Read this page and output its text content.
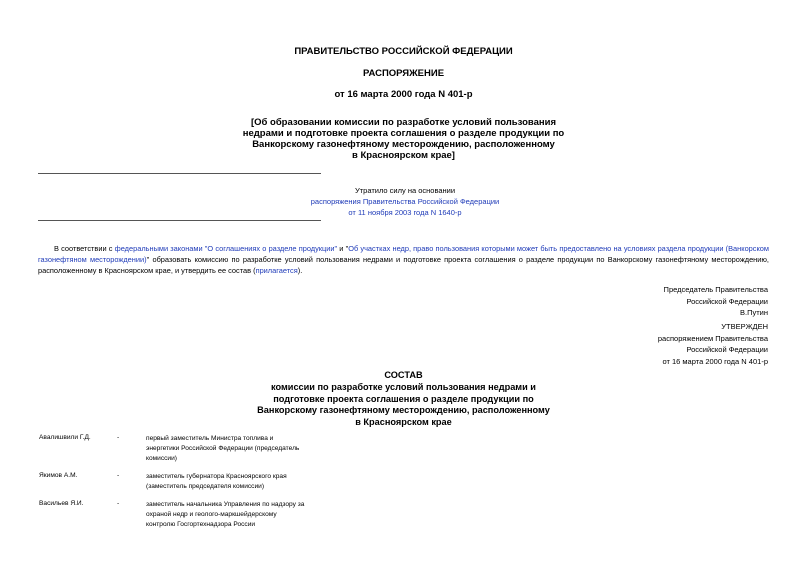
ПРАВИТЕЛЬСТВО РОССИЙСКОЙ ФЕДЕРАЦИИ
РАСПОРЯЖЕНИЕ
от 16 марта 2000 года N 401-р
[Об образовании комиссии по разработке условий пользования
недрами и подготовке проекта соглашения о разделе продукции по
Ванкорскому газонефтяному месторождению, расположенному
в Красноярском крае]
Утратило силу на основании
распоряжения Правительства Российской Федерации
от 11 ноября 2003 года N 1640-р
В соответствии с федеральными законами "О соглашениях о разделе продукции" и "Об участках недр, право пользования которыми может быть предоставлено на условиях раздела продукции (Ванкорском газонефтяном месторождении)" образовать комиссию по разработке условий пользования недрами и подготовке проекта соглашения о разделе продукции по Ванкорскому газонефтяному месторождению, расположенному в Красноярском крае, и утвердить ее состав (прилагается).
Председатель Правительства
Российской Федерации
В.Путин
УТВЕРЖДЕН
распоряжением Правительства
Российской Федерации
от 16 марта 2000 года N 401-р
СОСТАВ
комиссии по разработке условий пользования недрами и
подготовке проекта соглашения о разделе продукции по
Ванкорскому газонефтяному месторождению, расположенному
в Красноярском крае
Авалишвили Г.Д.	-	первый заместитель Министра топлива и энергетики Российской Федерации (председатель комиссии)
Якимов А.М.	-	заместитель губернатора Красноярского края (заместитель председателя комиссии)
Васильев Я.И.	-	заместитель начальника Управления по надзору за охраной недр и геолого-маркшейдерскому контролю Госгортехнадзора России
